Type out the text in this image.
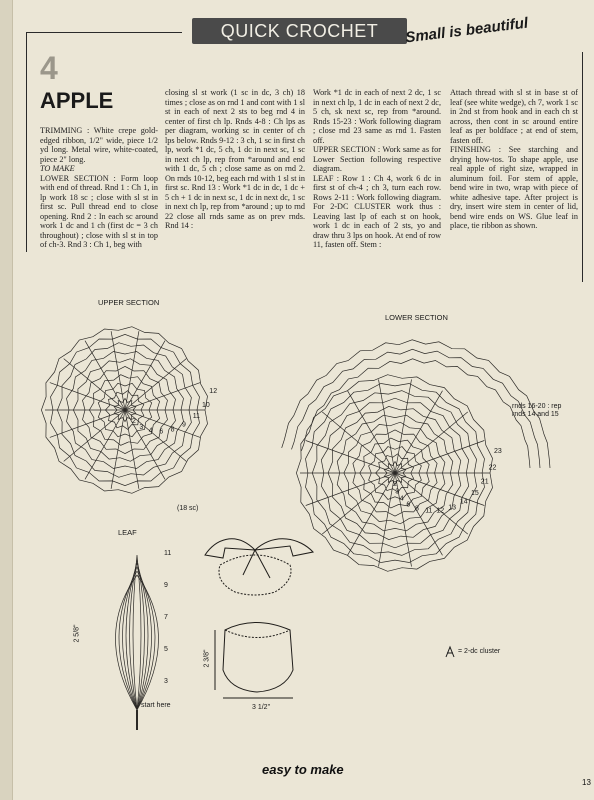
QUICK CROCHET	Small is beautiful
4
APPLE

TRIMMING : White crepe gold-edged ribbon, 1/2" wide, piece 1/2 yd long. Metal wire, white-coated, piece 2" long.

TO MAKE

LOWER SECTION : Form loop with end of thread. Rnd 1 : Ch 1, in lp work 18 sc ; close with sl st in first sc. Pull thread end to close opening. Rnd 2 : In each sc around work 1 dc and 1 ch (first dc = 3 ch throughout) ; close with sl st in top of ch-3. Rnd 3 : Ch 1, beg with

closing sl st work (1 sc in dc, 3 ch) 18 times ; close as on rnd 1 and cont with 1 sl st in each of next 2 sts to beg rnd 4 in center of first ch lp. Rnds 4-8 : Ch lps as per diagram, working sc in center of ch lps below. Rnds 9-12 : 3 ch, 1 sc in first ch lp, work *1 dc, 5 ch, 1 dc in next sc, 1 sc in next ch lp, rep from *around and end with 1 dc, 5 ch ; close same as on rnd 2. On rnds 10-12, beg each rnd with 1 sl st in first sc. Rnd 13 : Work *1 dc in dc, 1 dc + 5 ch + 1 dc in next sc, 1 dc in next dc, 1 sc in next ch lp, rep from *around ; up to rnd 22 close all rnds same as on prev rnds. Rnd 14 :

Work *1 dc in each of next 2 dc, 1 sc in next ch lp, 1 dc in each of next 2 dc, 5 ch, sk next sc, rep from *around. Rnds 15-23 : Work following diagram ; close rnd 23 same as rnd 1. Fasten off.

UPPER SECTION : Work same as for Lower Section following respective diagram.

LEAF : Row 1 : Ch 4, work 6 dc in first st of ch-4 ; ch 3, turn each row. Rows 2-11 : Work following diagram. For 2-DC CLUSTER work thus : Leaving last lp of each st on hook, work 1 dc in each of 2 sts, yo and draw thru 3 lps on hook. At end of row 11, fasten off. Stem :

Attach thread with sl st in base st of leaf (see white wedge), ch 7, work 1 sc in 2nd st from hook and in each ch st across, then cont in sc around entire leaf as per boldface ; at end of stem, fasten off.

FINISHING : See starching and drying how-tos. To shape apple, use real apple of right size, wrapped in aluminum foil. For stem of apple, bend wire in two, wrap with piece of white adhesive tape. After project is dry, insert wire stem in center of lid, bend wire ends on WS. Glue leaf in place, tie ribbon as shown.

UPPER SECTION
LOWER SECTION
LEAF
(18 sc)
rnds 16-20 : rep rnds 14 and 15
= 2-dc cluster
start here
12
10
11
9
8
6
4
3
2
23
22
21
15
14
13
12
11
8
6
4
3
2
11
9
7
5
3
2 3/8"
3 1/2"
2 5/8"
easy to make
13
